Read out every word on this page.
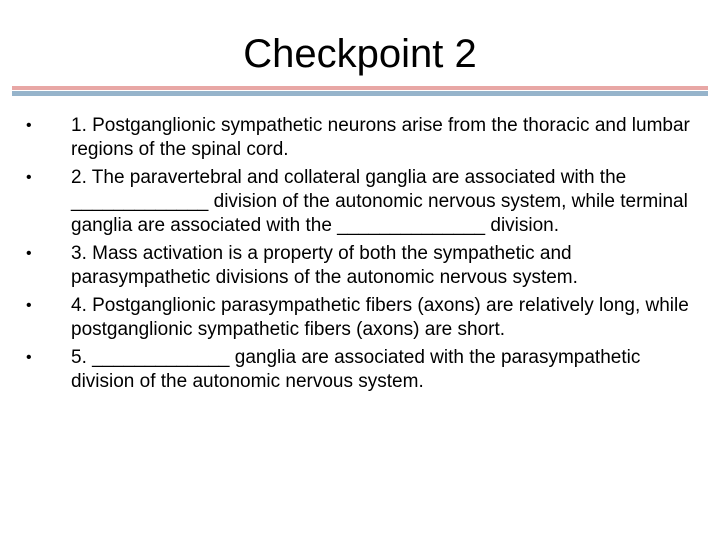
Checkpoint 2
•	1. Postganglionic sympathetic neurons arise from the thoracic and lumbar regions of the spinal cord.
•	2. The paravertebral and collateral ganglia are associated with the _____________ division of the autonomic nervous system, while terminal ganglia are associated with the ______________ division.
•	3. Mass activation is a property of both the sympathetic and parasympathetic divisions of the autonomic nervous system.
•	4. Postganglionic parasympathetic fibers (axons) are relatively long, while postganglionic sympathetic fibers (axons) are short.
•	5. _____________ ganglia are associated with the parasympathetic division of the autonomic nervous system.
